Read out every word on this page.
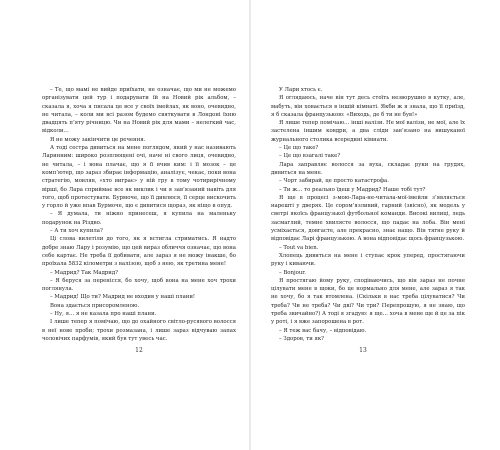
– Те, що мамі не вийде приїхати, не означає, що ми не можемо організувати цей тур і подарувати їй на Новий рік альбом, – сказала я, хоча я писала це все у своїх імейлах, як воно, очевидно, не читала, – коли ми всі разом будемо святкувати в Лондоні їхню двадцять п’яту річницю. Чи на Новий рік для мами – нелегкий час, відколи…

Я не можу закінчити це речення.

А тоді сестра дивиться на мене поглядом, який у нас називають Ларинним: широко розплющені очі, наче ні свого лиця, очевидно, не читала, – і вона плачає, що я її вчив ким: і її мозок – це комп’ютер, що зараз збирає інформацію, аналізує, чекає, поки вона стратегію, мовляв, «хто виграє» у ній гру в тому чотирирічному вірші, бо Лара сприймає все як виклик і чи я зав’язаний навіть для того, щоб протестувати. Бурмоче, що її дивлюся, її серце вискочить у горло й уже впав Бурмоче, що є дивитися щораз, як ніщо в опуд.

– Я думала, ти ніжно принесеш, я купила на маленьку подарунок на Різдво.

– А ти хоч купила?

Ці слова вилетіли до того, як я встигла стриматись. Я надто добре знаю Лару і розумію, що цей вираз обличчя означає, що вона себе картає. Не треба її добивати, але зараз я не можу інакше, бо проїхала 5832 кілометри з валізою, щоб з нею, як третина мене!

– Мадрид? Так Мадрид?

– Я беруся за перенісся, бо хочу, щоб вона на мене хоч трохи поглянула.

– Мадрид! Що ти? Мадрид не входив у наші плани!

Вона здається присоромленою.

– Ну, я… я не казала про наші плани.

І лише тепер я помічаю, що до охайного світло-русявого волосся в неї нове проби; трохи розмазана, і лише зараз відчуваю запах чоловічих парфумів, який був тут увесь час.

12

У Лари хтось є.

Я оглядаюсь, наче він тут десь стоїть незворушно в кутку, але, мабуть, він ховається в іншій кімнаті. Якби ж я знала, що її приїзд, я б сказала французькою: «Виходь, де б ти не був!»

Я лише тепер помічаю… інші валізи. Не мої валізи, не мої, але їх застелена іншим ковдри, а два сліди зав’язано на вишуканої журнального столика всередині кімнати.

– Це що таке?

– Це що взагалі таке?

Лара заправляє волосся за вуха, складає руки на грудях, дивиться на мене.

– Чорт забирай, це просто катастрофа.

– Ти ж… то реально їдеш у Мадрид? Наше тобі тут?

Я ще в процесі з-мою-Лара-не-читала-мої-імейли з’являється нарешті у дверях. Це сором’язливий, гарний (звісно), як модель у светрі якоїсь французької футбольної команди. Високі вилиці, ледь засмаглий, темне хвилясте волосся, що падає на лоба. Він мені усміхається, довгасте, але прекрасно, знає нащо. Він тягне руку й відповідає Ларі французькою. А вона відповідає щось французькою.

– Tout va bien.

Хлопець дивиться на мене і ступає крок уперед, простягаючи руку і киваючи.

– Bonjour.

Я простягаю йому руку, сподіваючись, що він зараз не почне цілувати мене в щоки, бо це нормально для мене, але зараз я так не хочу, бо я так втомлена. (Скільки в нас треба цілуватися? Чи треба? Чи не треба? Чи дві? Чи три? Перепрошую, я не знаю, що треба звичайно?) А тоді я згадую: я ще… хоча в мене ще й це за пік у роті, і я вже запорошена в рот.

– Я теж вас бачу, – відповідаю.

– Здоров, ти як?

13
